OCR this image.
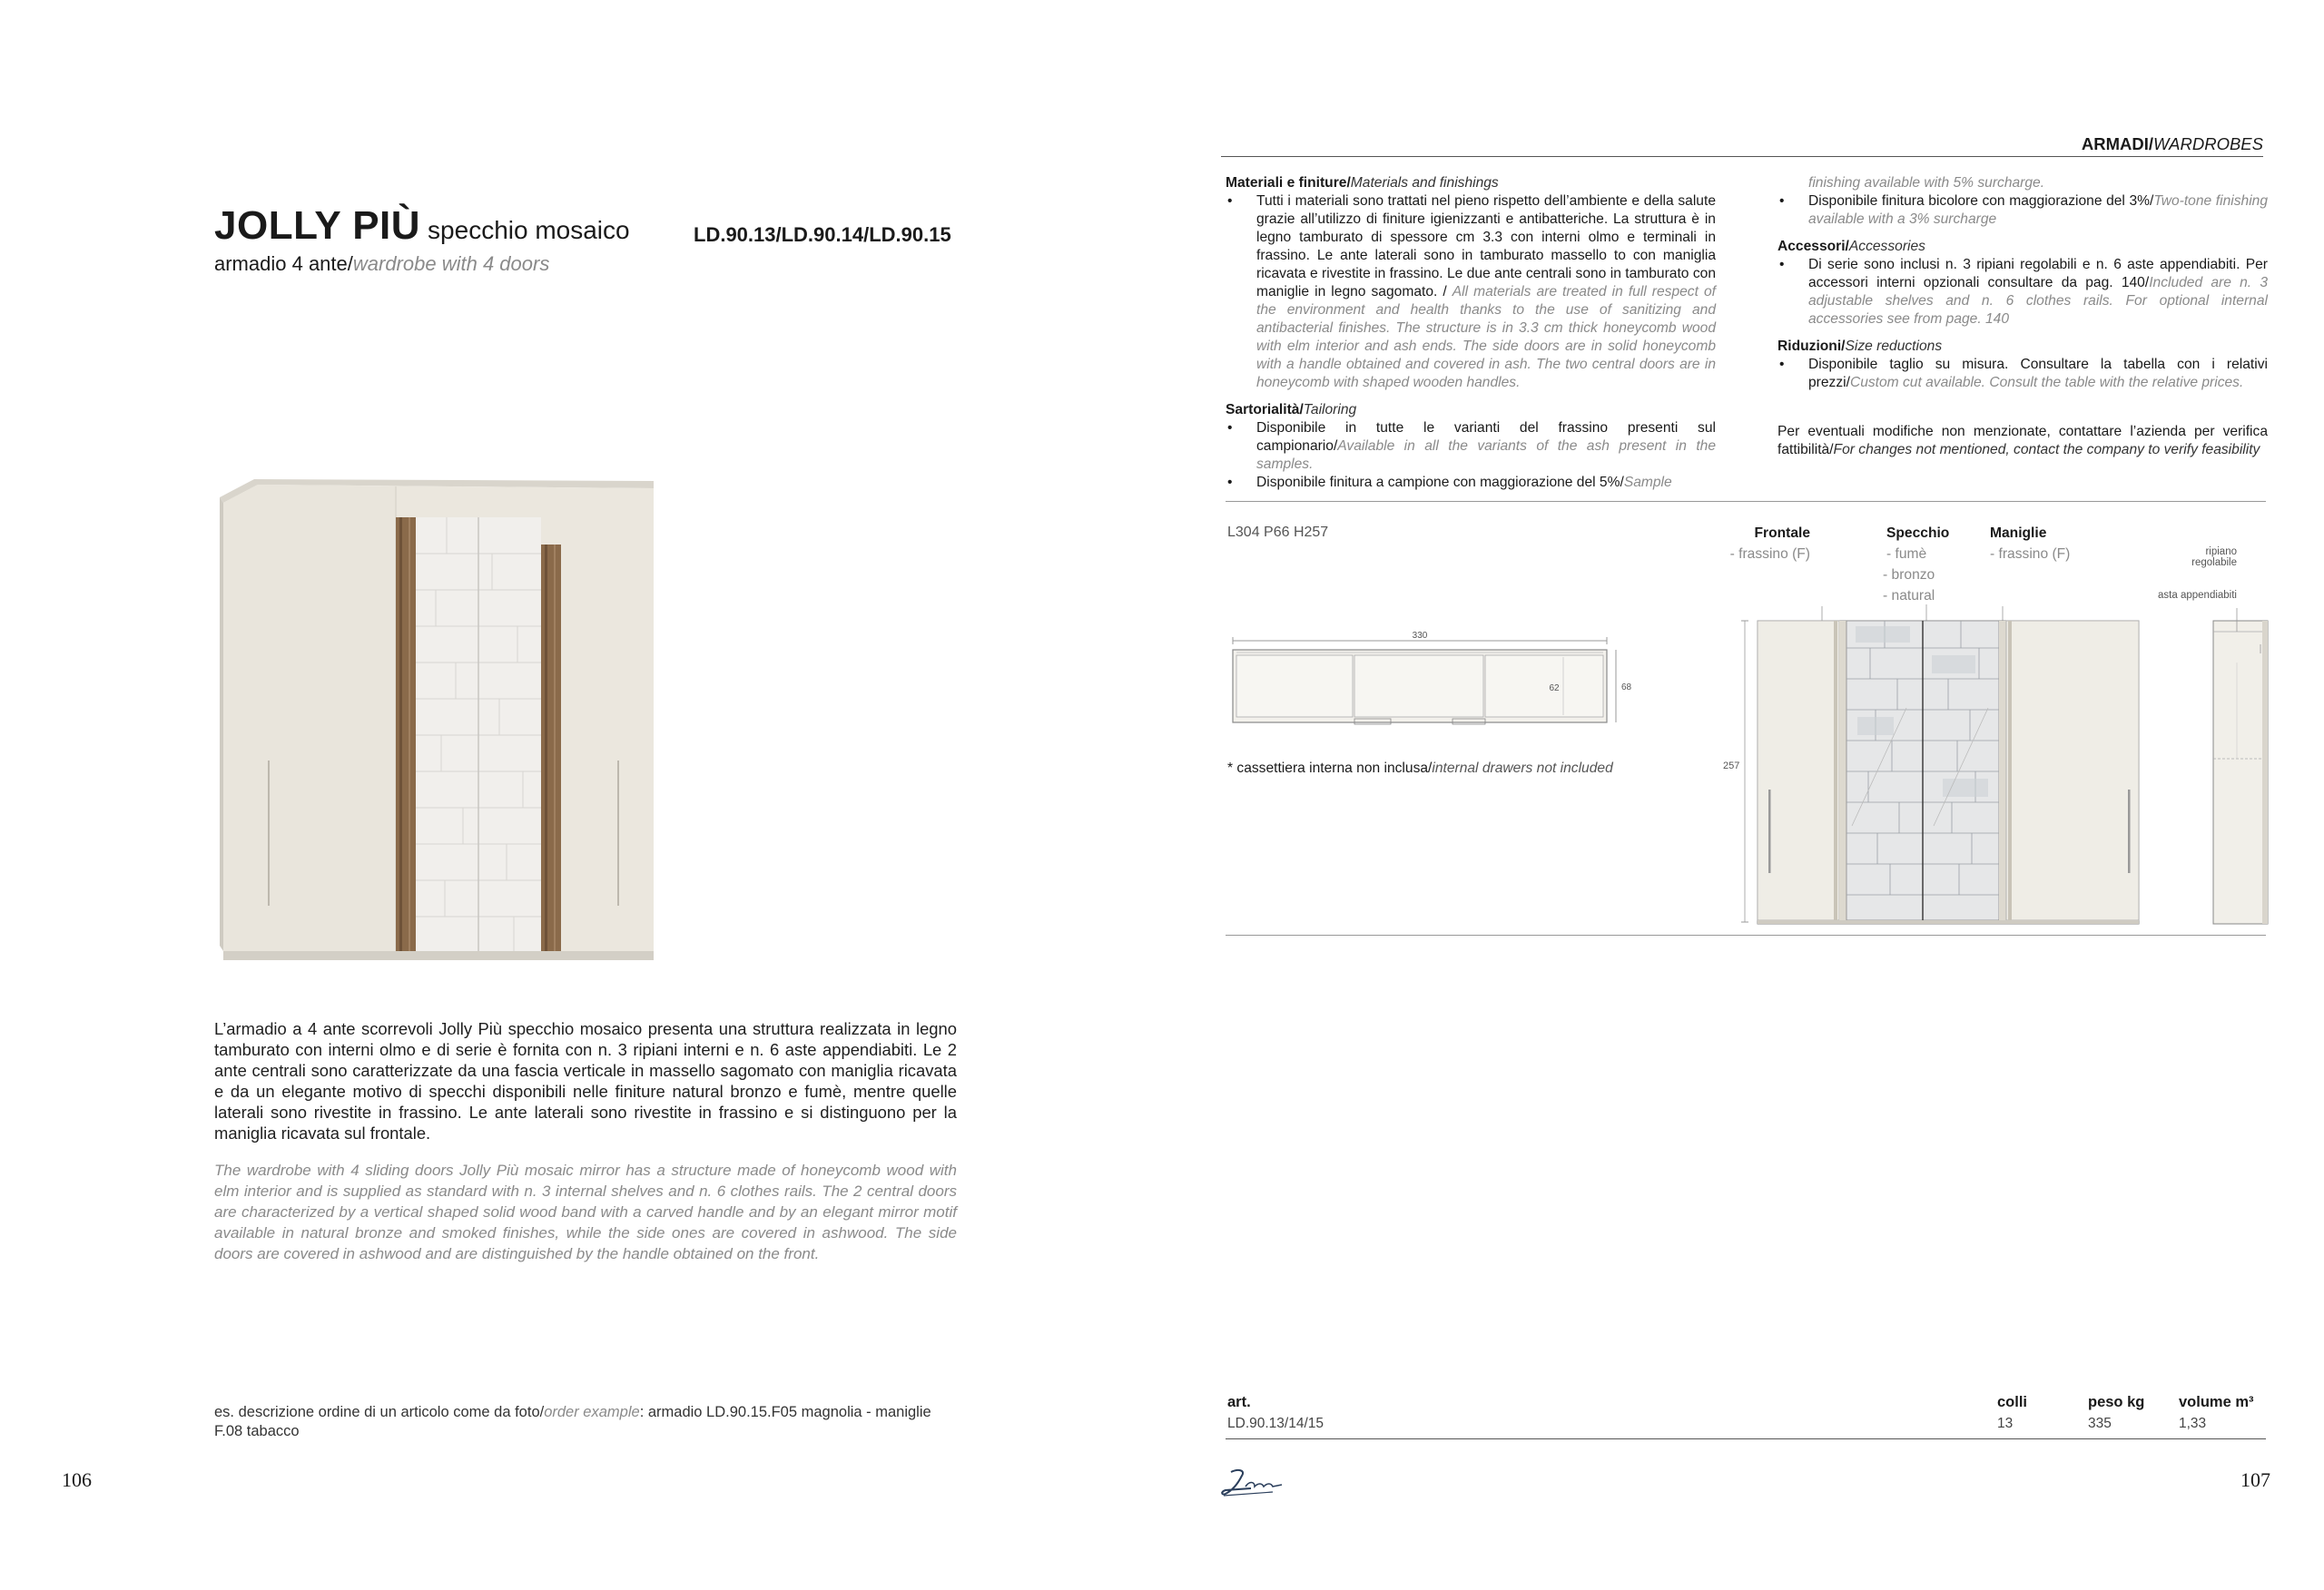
JOLLY PIÙ specchio mosaico	LD.90.13/LD.90.14/LD.90.15
armadio 4 ante/wardrobe with 4 doors
L’armadio a 4 ante scorrevoli Jolly Più specchio mosaico presenta una struttura realizzata in legno tamburato con interni olmo e di serie è fornita con n. 3 ripiani interni e n. 6 aste appendiabiti. Le 2 ante centrali sono caratterizzate da una fascia verticale in massello sagomato con maniglia ricavata e da un elegante motivo di specchi disponibili nelle finiture natural bronzo e fumè, mentre quelle laterali sono rivestite in frassino. Le ante laterali sono rivestite in frassino e si distinguono per la maniglia ricavata sul frontale.
The wardrobe with 4 sliding doors Jolly Più mosaic mirror has a structure made of honeycomb wood with elm interior and is supplied as standard with n. 3 internal shelves and n. 6 clothes rails. The 2 central doors are characterized by a vertical shaped solid wood band with a carved handle and by an elegant mirror motif available in natural bronze and smoked finishes, while the side ones are covered in ashwood. The side doors are covered in ashwood and are distinguished by the handle obtained on the front.
es. descrizione ordine di un articolo come da foto/order example: armadio LD.90.15.F05 magnolia - maniglie F.08 tabacco
106
ARMADI/WARDROBES
Materiali e finiture/Materials and finishings
• Tutti i materiali sono trattati nel pieno rispetto dell’ambiente e della salute grazie all’utilizzo di finiture igienizzanti e antibatteriche. La struttura è in legno tamburato di spessore cm 3.3 con interni olmo e terminali in frassino. Le ante laterali sono in tamburato massello to con maniglia ricavata e rivestite in frassino. Le due ante centrali sono in tamburato con maniglie in legno sagomato. / All materials are treated in full respect of the environment and health thanks to the use of sanitizing and antibacterial finishes. The structure is in 3.3 cm thick honeycomb wood with elm interior and ash ends. The side doors are in solid honeycomb with a handle obtained and covered in ash. The two central doors are in honeycomb with shaped wooden handles.
Sartorialità/Tailoring
• Disponibile in tutte le varianti del frassino presenti sul campionario/Available in all the variants of the ash present in the samples.
• Disponibile finitura a campione con maggiorazione del 5%/Sample
finishing available with 5% surcharge.
• Disponibile finitura bicolore con maggiorazione del 3%/Two-tone finishing available with a 3% surcharge
Accessori/Accessories
• Di serie sono inclusi n. 3 ripiani regolabili e n. 6 aste appendiabiti. Per accessori interni opzionali consultare da pag. 140/Included are n. 3 adjustable shelves and n. 6 clothes rails. For optional internal accessories see from page. 140
Riduzioni/Size reductions
• Disponibile taglio su misura. Consultare la tabella con i relativi prezzi/Custom cut available. Consult the table with the relative prices.
Per eventuali modifiche non menzionate, contattare l’azienda per verifica fattibilità/For changes not mentioned, contact the company to verify feasibility
L304 P66 H257
330
62	68
* cassettiera interna non inclusa/internal drawers not included
Frontale
- frassino (F)
Specchio
- fumè
- bronzo
- natural
Maniglie
- frassino (F)	ripiano regolabile
asta appendiabiti
257
art.	colli	peso kg volume m³
LD.90.13/14/15	13	335	1,33
107
